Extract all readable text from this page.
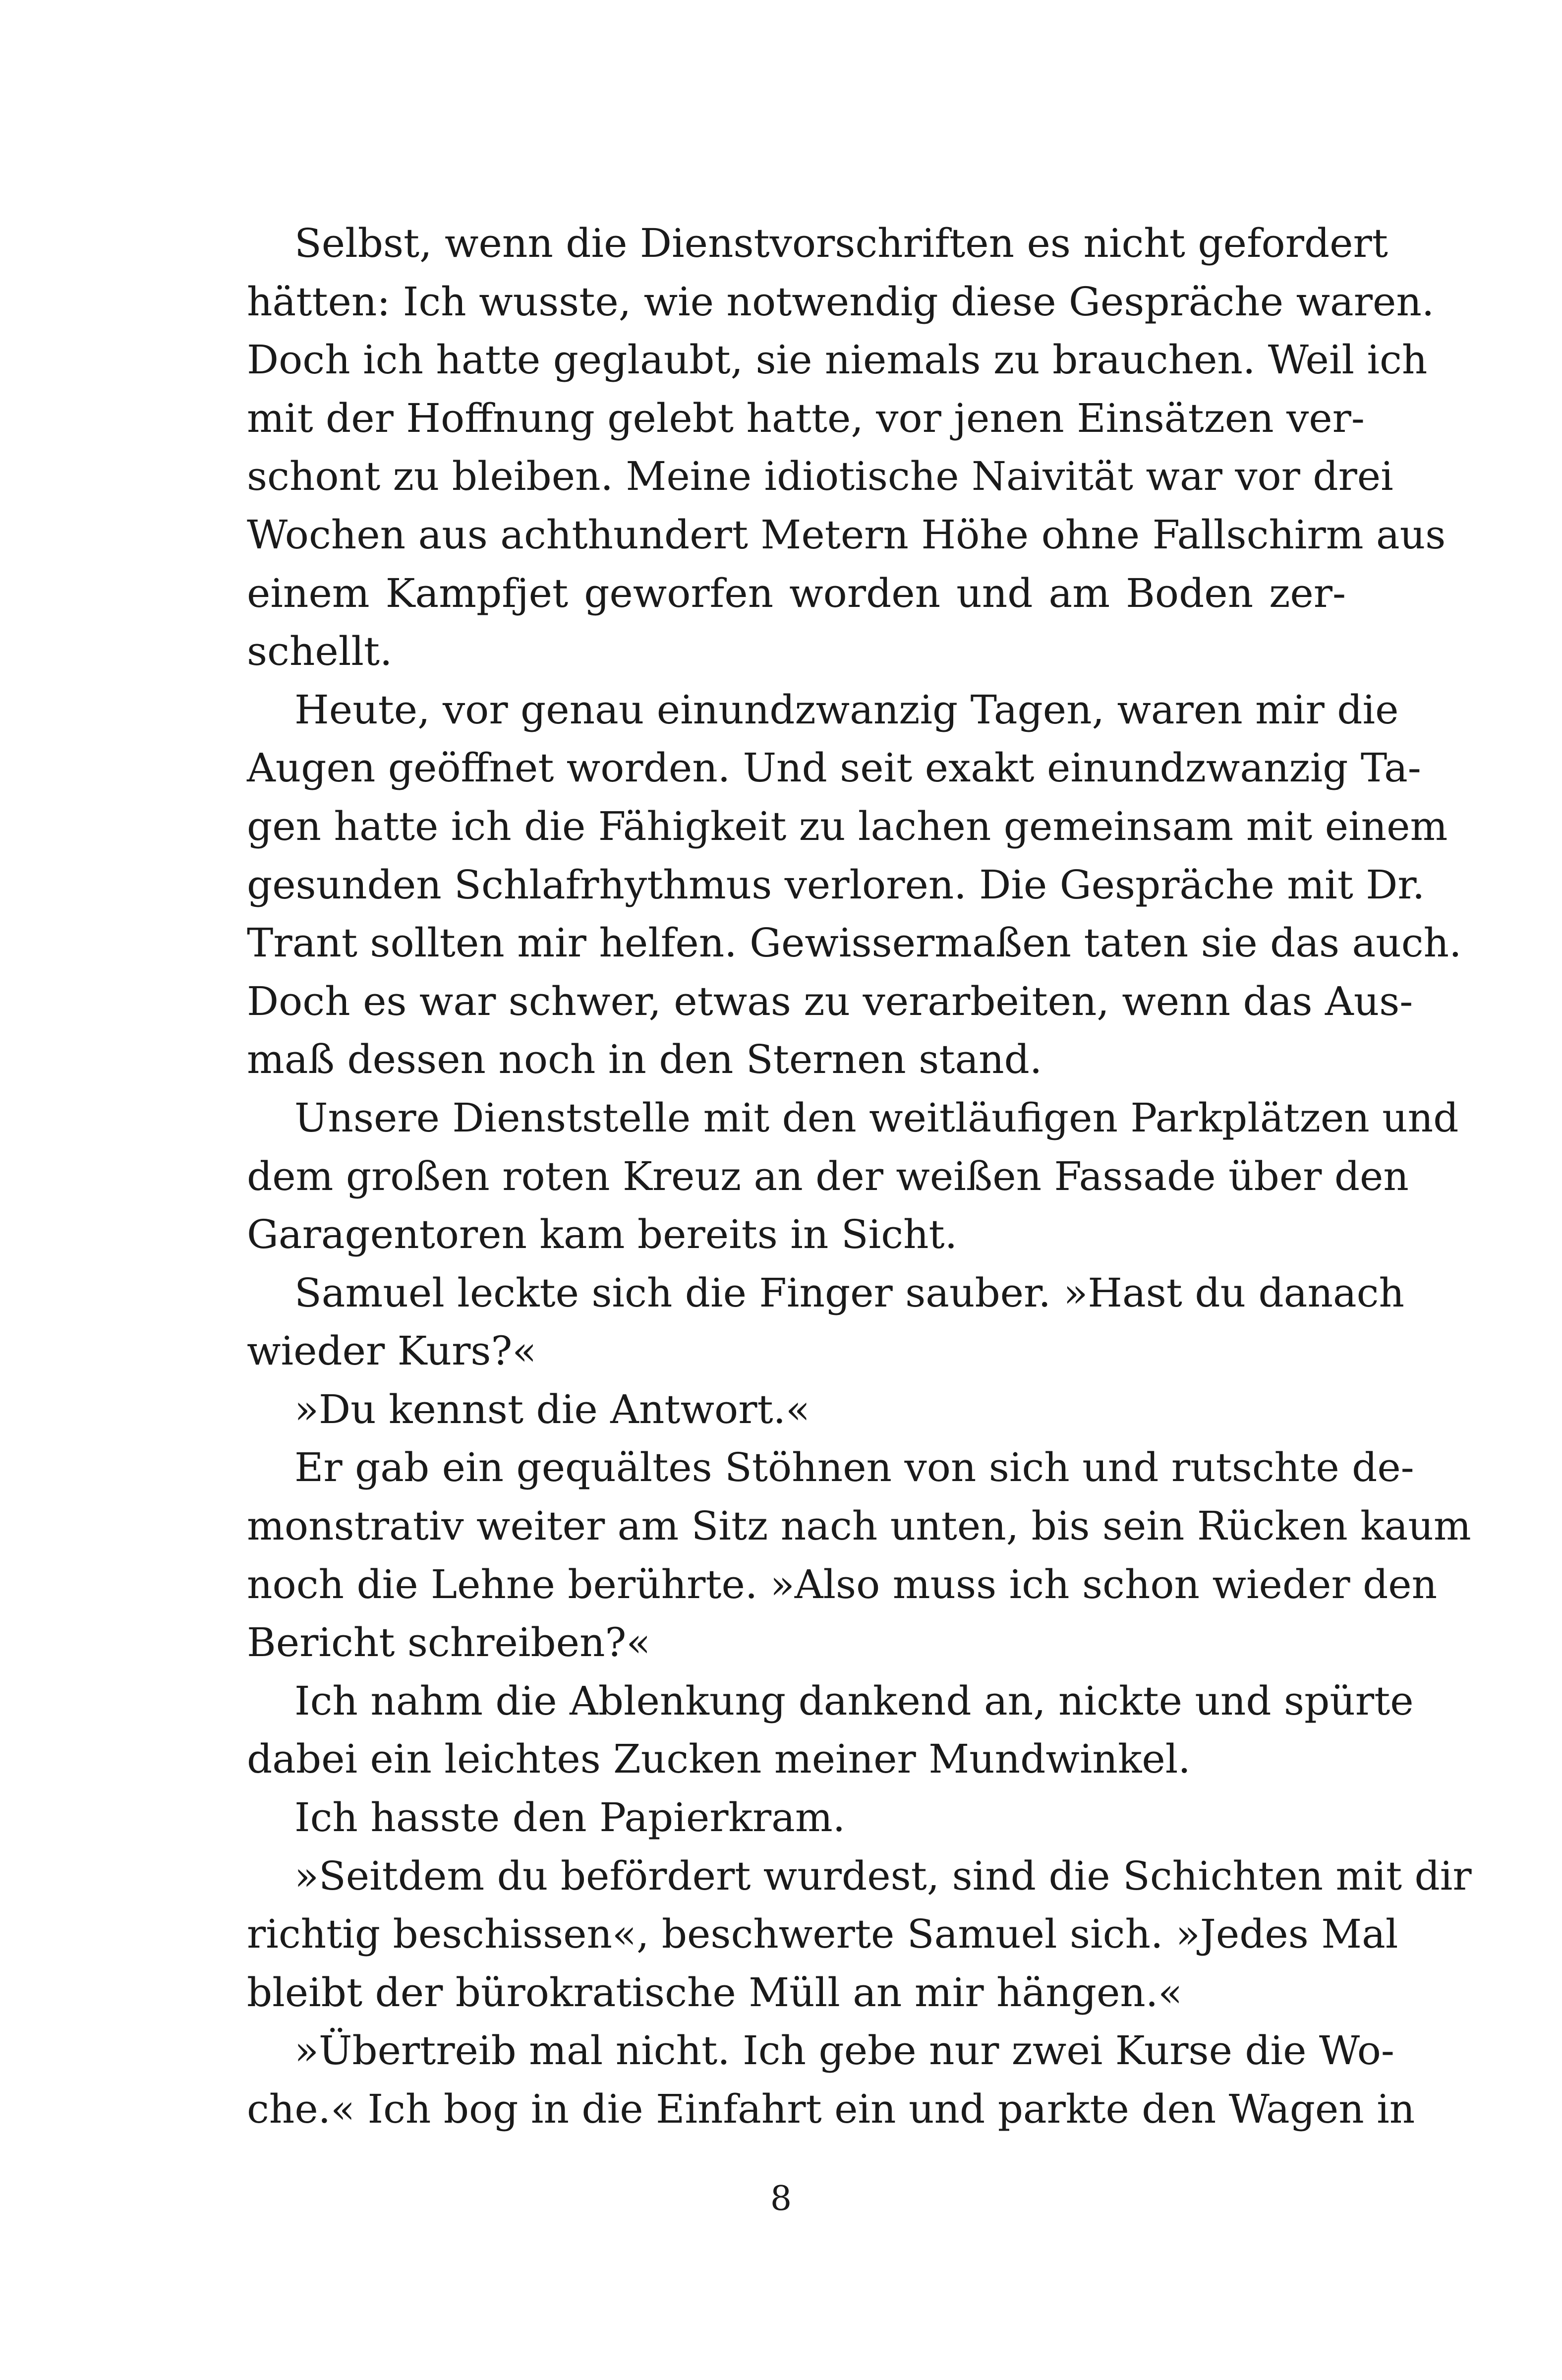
Selbst, wenn die Dienstvorschriften es nicht gefordert
hätten: Ich wusste, wie notwendig diese Gespräche waren.
Doch ich hatte geglaubt, sie niemals zu brauchen. Weil ich
mit der Hoffnung gelebt hatte, vor jenen Einsätzen ver-
schont zu bleiben. Meine idiotische Naivität war vor drei
Wochen aus achthundert Metern Höhe ohne Fallschirm aus
einem Kampfjet geworfen worden und am Boden zer-
schellt.
Heute, vor genau einundzwanzig Tagen, waren mir die
Augen geöffnet worden. Und seit exakt einundzwanzig Ta-
gen hatte ich die Fähigkeit zu lachen gemeinsam mit einem
gesunden Schlafrhythmus verloren. Die Gespräche mit Dr.
Trant sollten mir helfen. Gewissermaßen taten sie das auch.
Doch es war schwer, etwas zu verarbeiten, wenn das Aus-
maß dessen noch in den Sternen stand.
Unsere Dienststelle mit den weitläufigen Parkplätzen und
dem großen roten Kreuz an der weißen Fassade über den
Garagentoren kam bereits in Sicht.
Samuel leckte sich die Finger sauber. »Hast du danach
wieder Kurs?«
»Du kennst die Antwort.«
Er gab ein gequältes Stöhnen von sich und rutschte de-
monstrativ weiter am Sitz nach unten, bis sein Rücken kaum
noch die Lehne berührte. »Also muss ich schon wieder den
Bericht schreiben?«
Ich nahm die Ablenkung dankend an, nickte und spürte
dabei ein leichtes Zucken meiner Mundwinkel.
Ich hasste den Papierkram.
»Seitdem du befördert wurdest, sind die Schichten mit dir
richtig beschissen«, beschwerte Samuel sich. »Jedes Mal
bleibt der bürokratische Müll an mir hängen.«
»Übertreib mal nicht. Ich gebe nur zwei Kurse die Wo-
che.« Ich bog in die Einfahrt ein und parkte den Wagen in
8
